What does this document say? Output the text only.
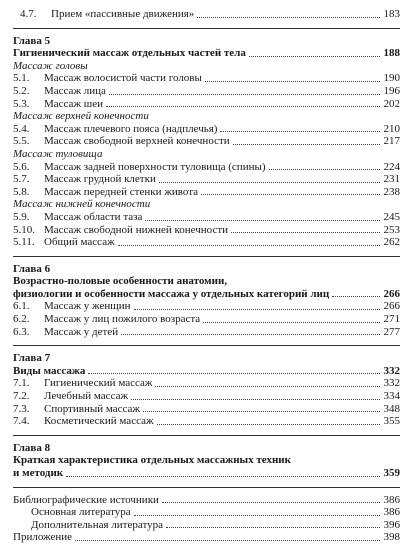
4.7.	Прием «пассивные движения»	183
Глава 5
Гигиенический массаж отдельных частей тела	188
Массаж головы
5.1.	Массаж волосистой части головы	190
5.2.	Массаж лица	196
5.3.	Массаж шеи	202
Массаж верхней конечности
5.4.	Массаж плечевого пояса (надплечья)	210
5.5.	Массаж свободной верхней конечности	217
Массаж туловища
5.6.	Массаж задней поверхности туловища (спины)	224
5.7.	Массаж грудной клетки	231
5.8.	Массаж передней стенки живота	238
Массаж нижней конечности
5.9.	Массаж области таза	245
5.10. Массаж свободной нижней конечности	253
5.11. Общий массаж	262
Глава 6
Возрастно-половые особенности анатомии,
физиологии и особенности массажа у отдельных категорий лиц	266
6.1.	Массаж у женщин	266
6.2.	Массаж у лиц пожилого возраста	271
6.3.	Массаж у детей	277
Глава 7
Виды массажа	332
7.1.	Гигиенический массаж	332
7.2.	Лечебный массаж	334
7.3.	Спортивный массаж	348
7.4.	Косметический массаж	355
Глава 8
Краткая характеристика отдельных массажных техник
и методик	359
Библиографические источники	386
Основная литература	386
Дополнительная литература	396
Приложение	398
